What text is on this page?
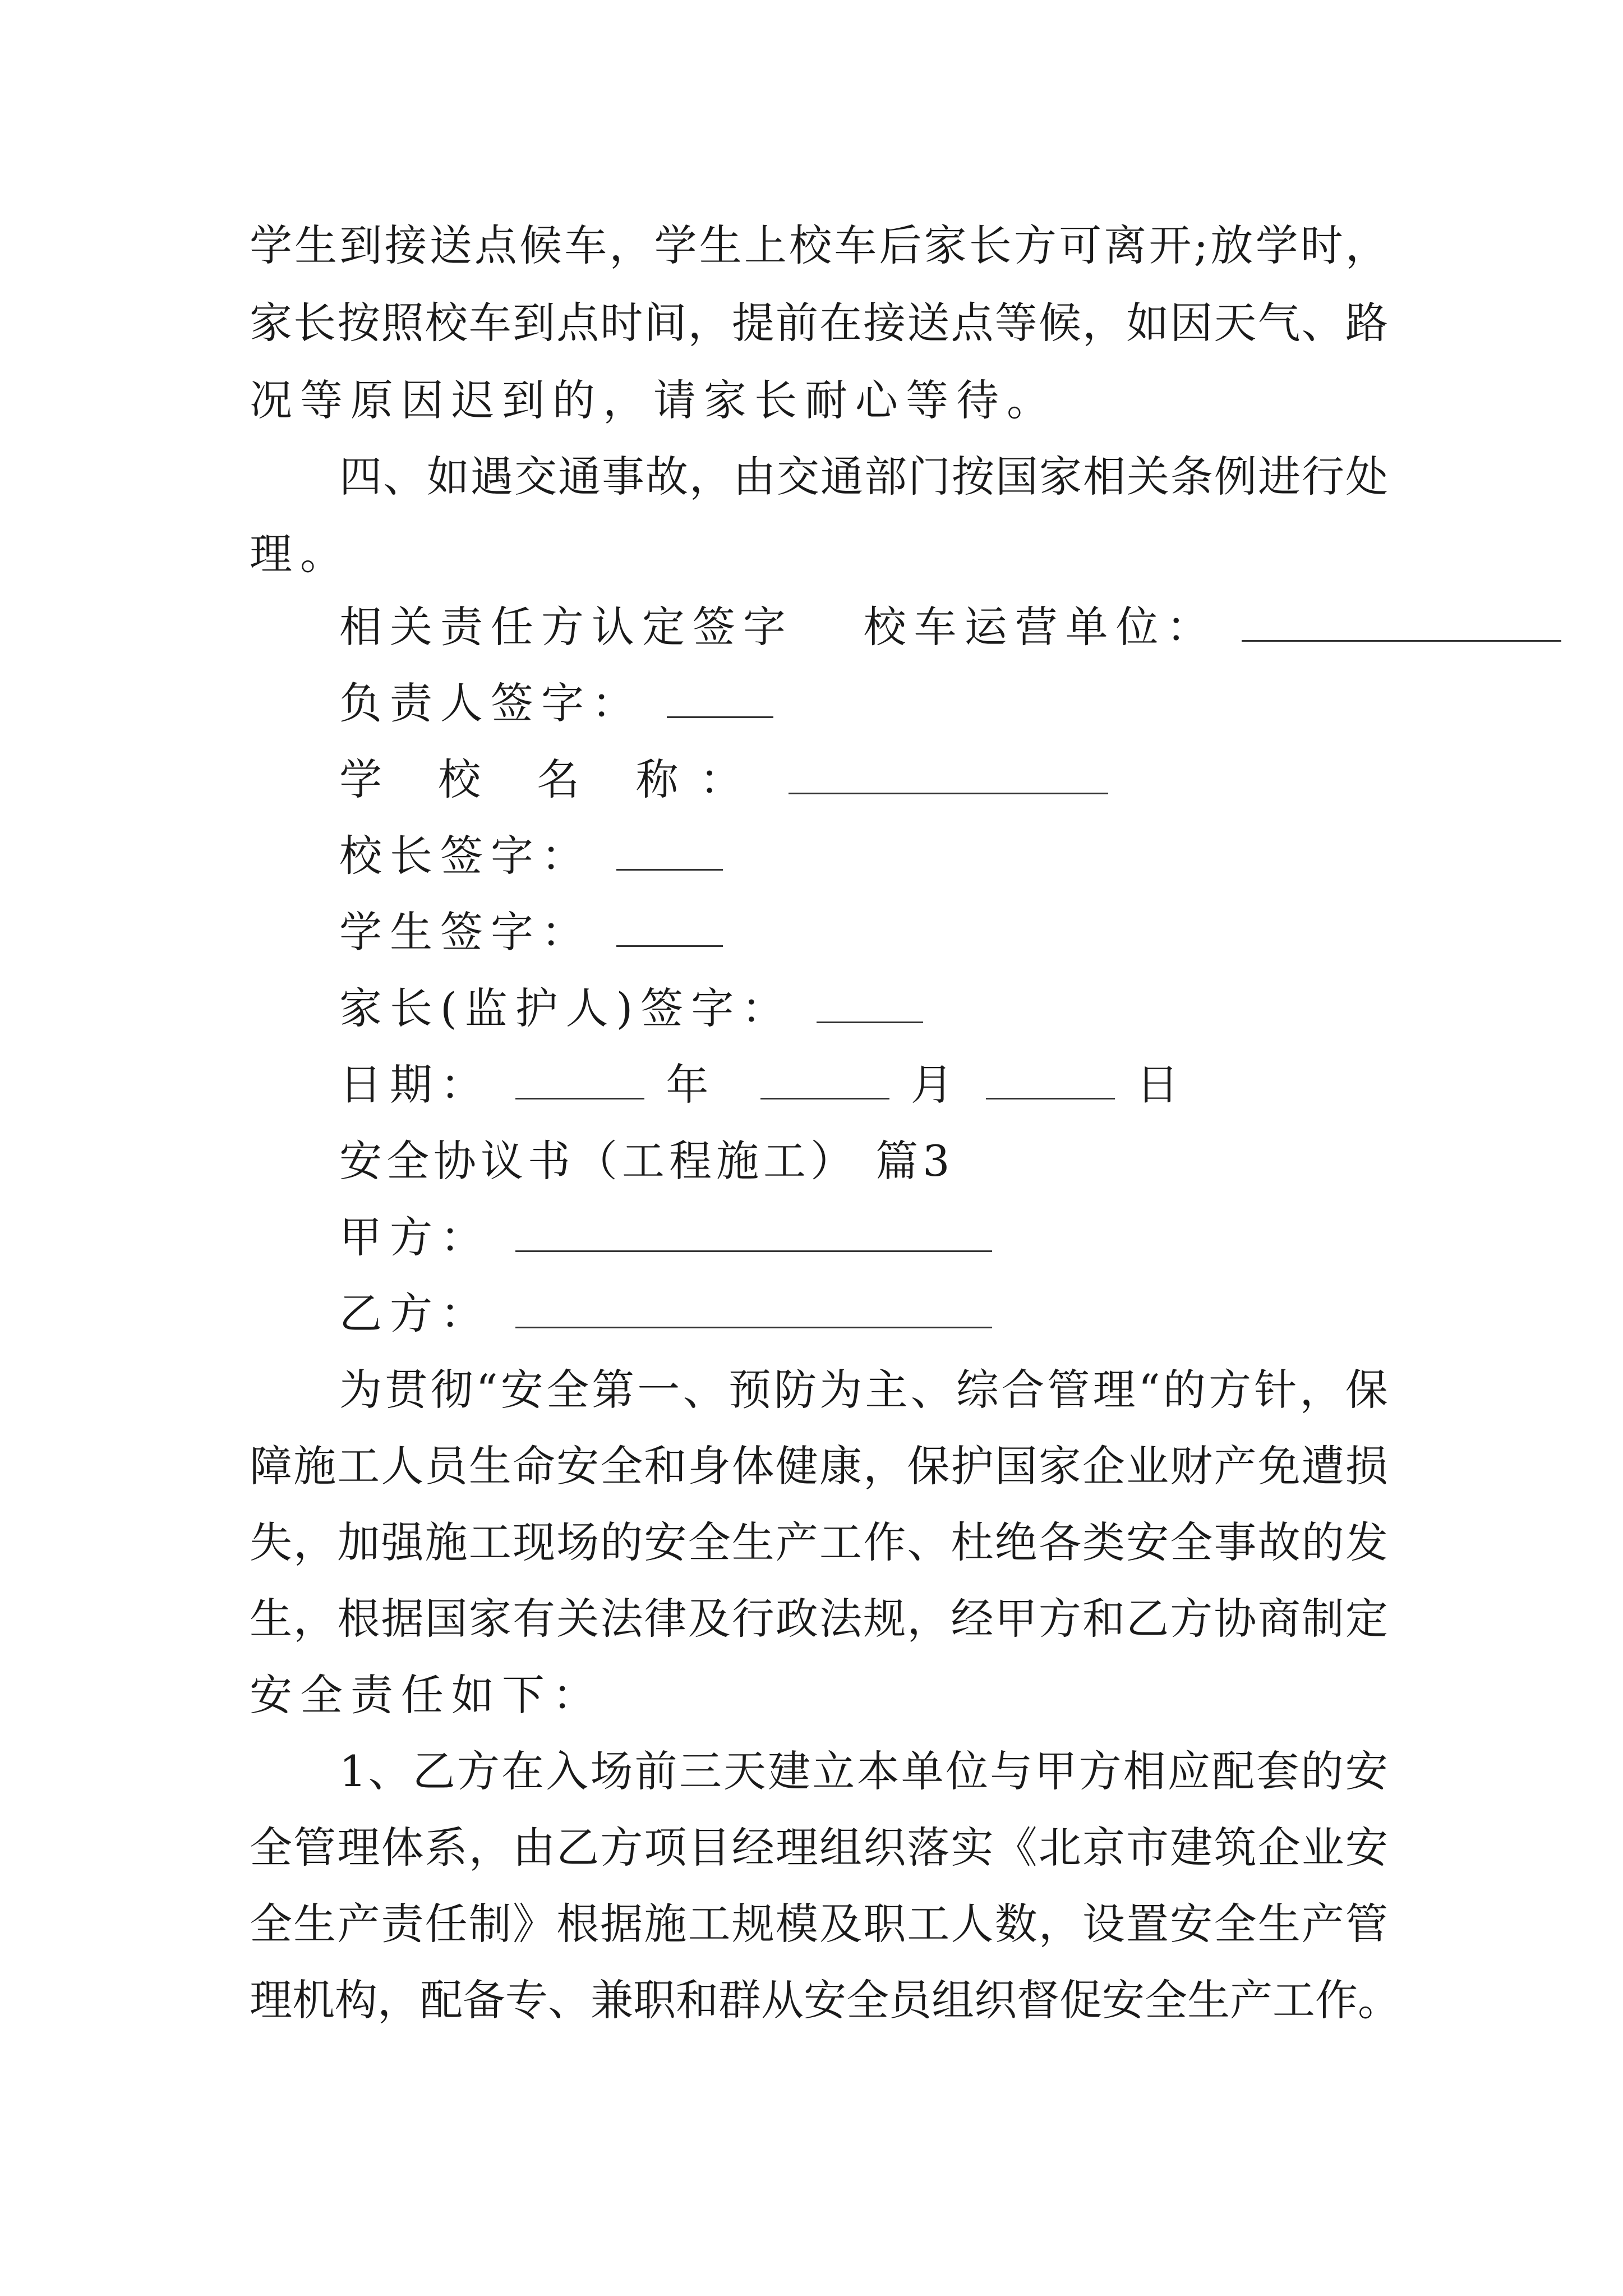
学 生 到 接 送 点 候 车 ， 学 生 上 校 车 后 家 长 方 可 离 开 ; 放 学 时 ，
家 长 按 照 校 车 到 点 时 间 ， 提 前 在 接 送 点 等 候 ， 如 因 天 气 、 路
况等原因迟到的，请家长耐心等待。
四 、 如 遇 交 通 事 故 ， 由 交 通 部 门 按 国 家 相 关 条 例 进 行 处
理。
相关责任方认定签字 校车运营单位：
负责人签字：
学 校 名 称：
校长签字：
学生签字：
家长(监护人)签字：
日期：	年	月	日
安全协议书（工程施工） 篇3
甲方：
乙方：
为 贯 彻 “ 安 全 第 一 、 预 防 为 主 、 综 合 管 理 “ 的 方 针 ， 保
障 施 工 人 员 生 命 安 全 和 身 体 健 康 ， 保 护 国 家 企 业 财 产 免 遭 损
失 ， 加 强 施 工 现 场 的 安 全 生 产 工 作 、 杜 绝 各 类 安 全 事 故 的 发
生 ， 根 据 国 家 有 关 法 律 及 行 政 法 规 ， 经 甲 方 和 乙 方 协 商 制 定
安全责任如下：
1 、 乙 方 在 入 场 前 三 天 建 立 本 单 位 与 甲 方 相 应 配 套 的 安
全 管 理 体 系 ， 由 乙 方 项 目 经 理 组 织 落 实 《 北 京 市 建 筑 企 业 安
全 生 产 责 任 制 》 根 据 施 工 规 模 及 职 工 人 数 ， 设 置 安 全 生 产 管
理 机 构 ， 配 备 专 、 兼 职 和 群 从 安 全 员 组 织 督 促 安 全 生 产 工 作 。
